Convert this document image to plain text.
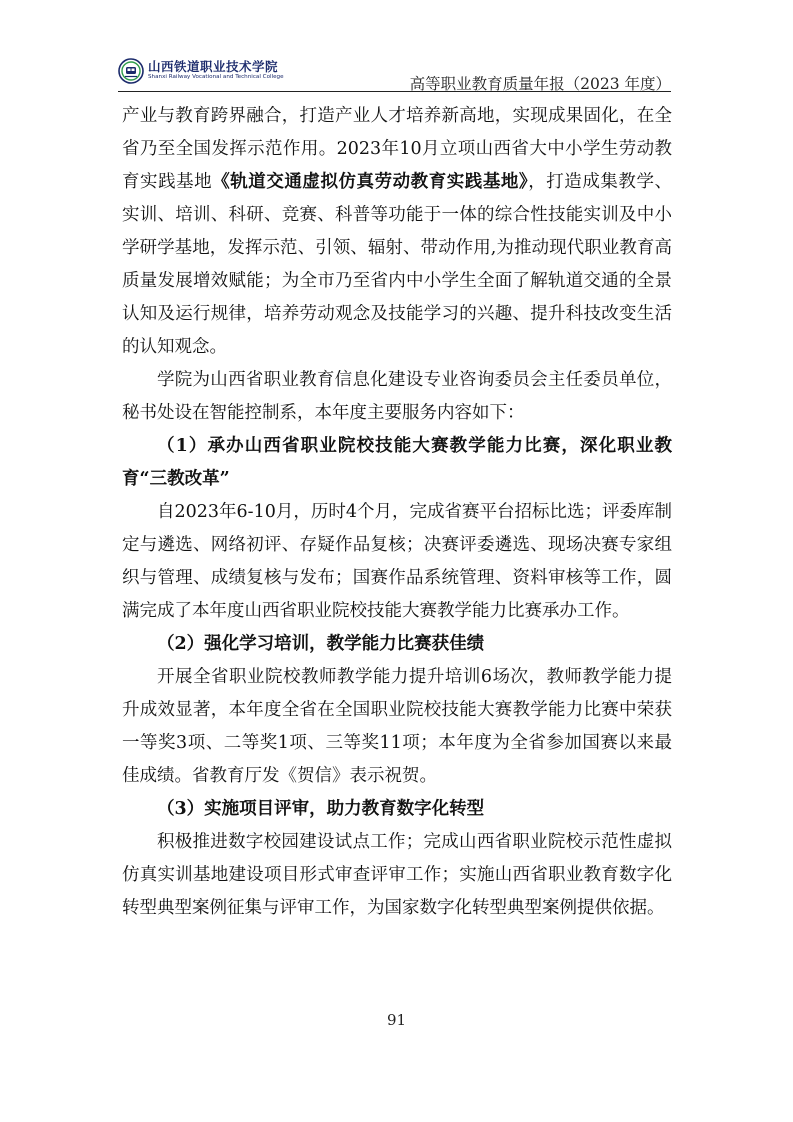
山西铁道职业技术学院
Shanxi Railway Vocational and Technical College	高等职业教育质量年报（2023 年度）

产业与教育跨界融合，打造产业人才培养新高地，实现成果固化，在全省乃至全国发挥示范作用。2023年10月立项山西省大中小学生劳动教育实践基地《轨道交通虚拟仿真劳动教育实践基地》，打造成集教学、实训、培训、科研、竞赛、科普等功能于一体的综合性技能实训及中小学研学基地，发挥示范、引领、辐射、带动作用,为推动现代职业教育高质量发展增效赋能；为全市乃至省内中小学生全面了解轨道交通的全景认知及运行规律，培养劳动观念及技能学习的兴趣、提升科技改变生活的认知观念。

学院为山西省职业教育信息化建设专业咨询委员会主任委员单位，秘书处设在智能控制系，本年度主要服务内容如下：

（1）承办山西省职业院校技能大赛教学能力比赛，深化职业教育“三教改革”

自2023年6-10月，历时4个月，完成省赛平台招标比选；评委库制定与遴选、网络初评、存疑作品复核；决赛评委遴选、现场决赛专家组织与管理、成绩复核与发布；国赛作品系统管理、资料审核等工作，圆满完成了本年度山西省职业院校技能大赛教学能力比赛承办工作。

（2）强化学习培训，教学能力比赛获佳绩

开展全省职业院校教师教学能力提升培训6场次，教师教学能力提升成效显著，本年度全省在全国职业院校技能大赛教学能力比赛中荣获一等奖3项、二等奖1项、三等奖11项；本年度为全省参加国赛以来最佳成绩。省教育厅发《贺信》表示祝贺。

（3）实施项目评审，助力教育数字化转型

积极推进数字校园建设试点工作；完成山西省职业院校示范性虚拟仿真实训基地建设项目形式审查评审工作；实施山西省职业教育数字化转型典型案例征集与评审工作，为国家数字化转型典型案例提供依据。

91
